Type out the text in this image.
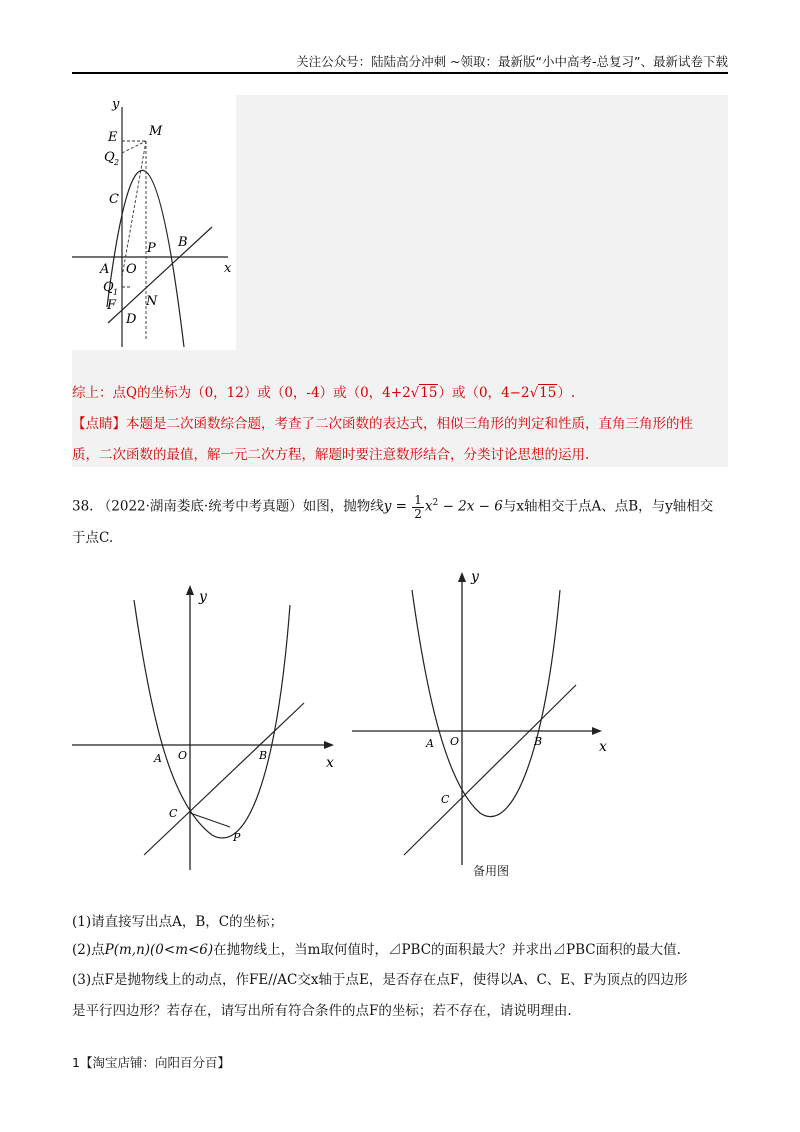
关注公众号：陆陆高分冲刺 ~领取：最新版“小中高考-总复习”、最新试卷下载
y
x
E M
Q 2
C
P B
A O
Q 1
F N
D
综上：点Q的坐标为（0，12）或（0，-4）或（0，4+2√15）或（0，4−2√15）.
【点睛】本题是二次函数综合题，考查了二次函数的表达式，相似三角形的判定和性质，直角三角形的性
质，二次函数的最值，解一元二次方程，解题时要注意数形结合，分类讨论思想的运用.
38. （2022·湖南娄底·统考中考真题）如图，抛物线$y = \frac{1}{2} x^2 - 2x - 6$与x轴相交于点A、点B，与y轴相交
于点C.
y
x
A O	B
C
P
y
x
A O	B
C
备用图
(1)请直接写出点A，B，C的坐标；
(2)点P(m,n)(0<m<6)在抛物线上，当m取何值时，⊿PBC的面积最大？并求出⊿PBC面积的最大值.
(3)点F是抛物线上的动点，作FE//AC交x轴于点E，是否存在点F，使得以A、C、E、F为顶点的四边形
是平行四边形？若存在，请写出所有符合条件的点F的坐标；若不存在，请说明理由.
1【淘宝店铺：向阳百分百】
